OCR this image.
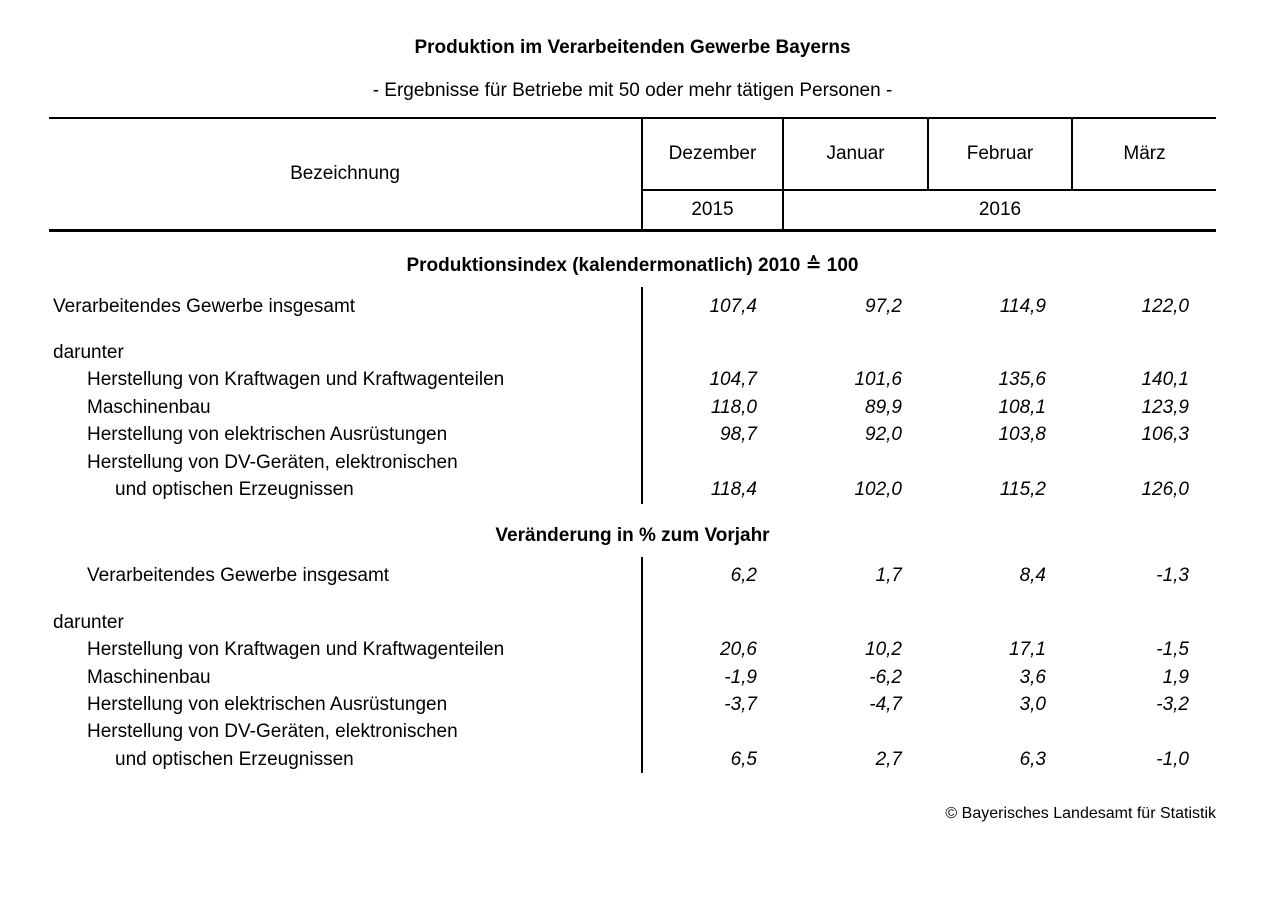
Produktion im Verarbeitenden Gewerbe Bayerns
- Ergebnisse für Betriebe mit 50 oder mehr tätigen Personen -
Bezeichnung
Dezember	Januar	Februar	März
2015	2016
Produktionsindex (kalendermonatlich) 2010 ≙ 100
Verarbeitendes Gewerbe insgesamt	107,4	97,2	114,9	122,0
darunter
Herstellung von Kraftwagen und Kraftwagenteilen	104,7	101,6	135,6	140,1
Maschinenbau	118,0	89,9	108,1	123,9
Herstellung von elektrischen Ausrüstungen	98,7	92,0	103,8	106,3
Herstellung von DV-Geräten, elektronischen
und optischen Erzeugnissen	118,4	102,0	115,2	126,0
Veränderung in % zum Vorjahr
Verarbeitendes Gewerbe insgesamt	6,2	1,7	8,4	-1,3
darunter
Herstellung von Kraftwagen und Kraftwagenteilen	20,6	10,2	17,1	-1,5
Maschinenbau	-1,9	-6,2	3,6	1,9
Herstellung von elektrischen Ausrüstungen	-3,7	-4,7	3,0	-3,2
Herstellung von DV-Geräten, elektronischen
und optischen Erzeugnissen	6,5	2,7	6,3	-1,0
© Bayerisches Landesamt für Statistik
